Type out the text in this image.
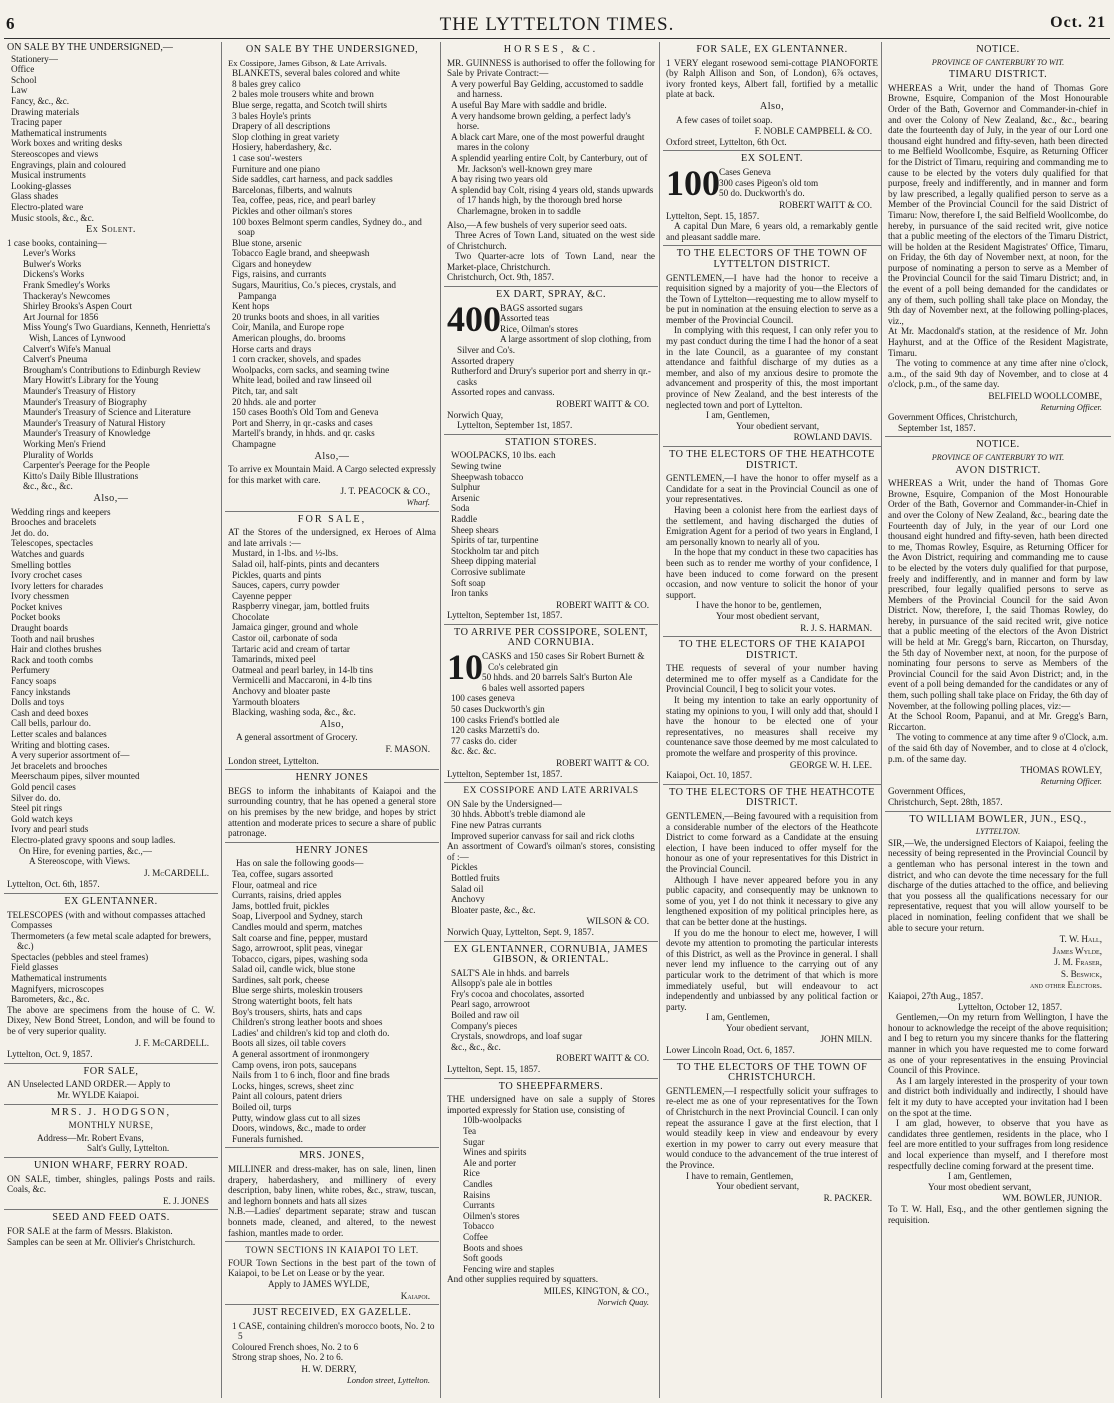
6	THE LYTTELTON TIMES.	Oct. 21

ON SALE BY THE UNDERSIGNED,—

Stationery—
Office
School
Law
Fancy, &c., &c.
Drawing materials
Tracing paper
Mathematical instruments
Work boxes and writing desks
Stereoscopes and views
Engravings, plain and coloured
Musical instruments
Looking-glasses
Glass shades
Electro-plated ware
Music stools, &c., &c.
Ex Solent.

1 case books, containing—

Lever's Works
Bulwer's Works
Dickens's Works
Frank Smedley's Works
Thackeray's Newcomes
Shirley Brooks's Aspen Court
Art Journal for 1856
Miss Young's Two Guardians, Kenneth, Henrietta's Wish, Lances of Lynwood
Calvert's Wife's Manual
Calvert's Pneuma
Brougham's Contributions to Edinburgh Review
Mary Howitt's Library for the Young
Maunder's Treasury of History
Maunder's Treasury of Biography
Maunder's Treasury of Science and Literature
Maunder's Treasury of Natural History
Maunder's Treasury of Knowledge
Working Men's Friend
Plurality of Worlds
Carpenter's Peerage for the People
Kitto's Daily Bible Illustrations
&c., &c., &c.
Also,—
Wedding rings and keepers
Brooches and bracelets
Jet do. do.
Telescopes, spectacles
Watches and guards
Smelling bottles
Ivory crochet cases
Ivory letters for charades
Ivory chessmen
Pocket knives
Pocket books
Draught boards
Tooth and nail brushes
Hair and clothes brushes
Rack and tooth combs
Perfumery
Fancy soaps
Fancy inkstands
Dolls and toys
Cash and deed boxes
Call bells, parlour do.
Letter scales and balances
Writing and blotting cases.
A very superior assortment of—
Jet bracelets and brooches
Meerschaum pipes, silver mounted
Gold pencil cases
Silver do. do.
Steel pit rings
Gold watch keys
Ivory and pearl studs
Electro-plated gravy spoons and soup ladles.

On Hire, for evening parties, &c.,—

A Stereoscope, with Views.

J. McCARDELL.

Lyttelton, Oct. 6th, 1857.

EX GLENTANNER.

TELESCOPES (with and without compasses attached

Compasses
Thermometers (a few metal scale adapted for brewers, &c.)
Spectacles (pebbles and steel frames)
Field glasses
Mathematical instruments
Magnifyers, microscopes
Barometers, &c., &c.

The above are specimens from the house of C. W. Dixey, New Bond Street, London, and will be found to be of very superior quality.

J. F. McCARDELL.

Lyttelton, Oct. 9, 1857.

FOR SALE,

AN Unselected LAND ORDER.— Apply to

Mr. WYLDE Kaiapoi.

MRS. J. HODGSON,
MONTHLY NURSE,

Address—Mr. Robert Evans,

Salt's Gully, Lyttelton.

UNION WHARF, FERRY ROAD.

ON SALE, timber, shingles, palings Posts and rails. Coals, &c.

E. J. JONES

SEED AND FEED OATS.

FOR SALE at the farm of Messrs. Blakiston.

Samples can be seen at Mr. Ollivier's Christchurch.

ON SALE BY THE UNDERSIGNED,

Ex Cossipore, James Gibson, & Late Arrivals.

BLANKETS, several bales colored and white
8 bales grey calico
2 bales mole trousers white and brown
Blue serge, regatta, and Scotch twill shirts
3 bales Hoyle's prints
Drapery of all descriptions
Slop clothing in great variety
Hosiery, haberdashery, &c.
1 case sou'-westers
Furniture and one piano
Side saddles, cart harness, and pack saddles
Barcelonas, filberts, and walnuts
Tea, coffee, peas, rice, and pearl barley
Pickles and other oilman's stores
100 boxes Belmont sperm candles, Sydney do., and soap
Blue stone, arsenic
Tobacco Eagle brand, and sheepwash
Cigars and honeydew
Figs, raisins, and currants
Sugars, Mauritius, Co.'s pieces, crystals, and Pampanga
Kent hops
20 trunks boots and shoes, in all varities
Coir, Manila, and Europe rope
American ploughs, do. brooms
Horse carts and drays
1 corn cracker, shovels, and spades
Woolpacks, corn sacks, and seaming twine
White lead, boiled and raw linseed oil
Pitch, tar, and salt
20 hhds. ale and porter
150 cases Booth's Old Tom and Geneva
Port and Sherry, in qr.-casks and cases
Martell's brandy, in hhds. and qr. casks
Champagne
Also,—

To arrive ex Mountain Maid. A Cargo selected expressly for this market with care.

J. T. PEACOCK & CO.,

Wharf.

FOR SALE,

AT the Stores of the undersigned, ex Heroes of Alma and late arrivals :—

Mustard, in 1-lbs. and ½-lbs.
Salad oil, half-pints, pints and decanters
Pickles, quarts and pints
Sauces, capers, curry powder
Cayenne pepper
Raspberry vinegar, jam, bottled fruits
Chocolate
Jamaica ginger, ground and whole
Castor oil, carbonate of soda
Tartaric acid and cream of tartar
Tamarinds, mixed peel
Oatmeal and pearl barley, in 14-lb tins
Vermicelli and Maccaroni, in 4-lb tins
Anchovy and bloater paste
Yarmouth bloaters
Blacking, washing soda, &c., &c.
Also,

A general assortment of Grocery.

F. MASON.

London street, Lyttelton.

HENRY JONES

BEGS to inform the inhabitants of Kaiapoi and the surrounding country, that he has opened a general store on his premises by the new bridge, and hopes by strict attention and moderate prices to secure a share of public patronage.

HENRY JONES

Has on sale the following goods—

Tea, coffee, sugars assorted
Flour, oatmeal and rice
Currants, raisins, dried apples
Jams, bottled fruit, pickles
Soap, Liverpool and Sydney, starch
Candles mould and sperm, matches
Salt coarse and fine, pepper, mustard
Sago, arrowroot, split peas, vinegar
Tobacco, cigars, pipes, washing soda
Salad oil, candle wick, blue stone
Sardines, salt pork, cheese
Blue serge shirts, moleskin trousers
Strong watertight boots, felt hats
Boy's trousers, shirts, hats and caps
Children's strong leather boots and shoes
Ladies' and children's kid top and cloth do.
Boots all sizes, oil table covers
A general assortment of ironmongery
Camp ovens, iron pots, saucepans
Nails from 1 to 6 inch, floor and fine brads
Locks, hinges, screws, sheet zinc
Paint all colours, patent driers
Boiled oil, turps
Putty, window glass cut to all sizes
Doors, windows, &c., made to order
Funerals furnished.
MRS. JONES,

MILLINER and dress-maker, has on sale, linen, linen drapery, haberdashery, and millinery of every description, baby linen, white robes, &c., straw, tuscan, and leghorn bonnets and hats all sizes

N.B.—Ladies' department separate; straw and tuscan bonnets made, cleaned, and altered, to the newest fashion, mantles made to order.

TOWN SECTIONS IN KAIAPOI TO LET.

FOUR Town Sections in the best part of the town of Kaiapoi, to be Let on Lease or by the year.

Apply to JAMES WYLDE,

Kaiapoi.

JUST RECEIVED, EX GAZELLE.
1 CASE, containing children's morocco boots, No. 2 to 5
Coloured French shoes, No. 2 to 6
Strong strap shoes, No. 2 to 6.

H. W. DERRY,

London street, Lyttelton.

HORSES, &C.

MR. GUINNESS is authorised to offer the following for Sale by Private Contract:—

A very powerful Bay Gelding, accustomed to saddle and harness.
A useful Bay Mare with saddle and bridle.
A very handsome brown gelding, a perfect lady's horse.
A black cart Mare, one of the most powerful draught mares in the colony
A splendid yearling entire Colt, by Canterbury, out of Mr. Jackson's well-known grey mare
A bay rising two years old
A splendid bay Colt, rising 4 years old, stands upwards of 17 hands high, by the thorough bred horse Charlemagne, broken in to saddle

Also,—A few bushels of very superior seed oats.

Three Acres of Town Land, situated on the west side of Christchurch.

Two Quarter-acre lots of Town Land, near the Market-place, Christchurch.

Christchurch, Oct. 9th, 1857.

EX DART, SPRAY, &C.
400 BAGS assorted sugars
Assorted teas
Rice, Oilman's stores
A large assortment of slop clothing, from Silver and Co's.
Assorted drapery
Rutherford and Drury's superior port and sherry in qr.-casks
Assorted ropes and canvass.

ROBERT WAITT & CO.

Norwich Quay,

Lyttelton, September 1st, 1857.

STATION STORES.
WOOLPACKS, 10 lbs. each
Sewing twine
Sheepwash tobacco
Sulphur
Arsenic
Soda
Raddle
Sheep shears
Spirits of tar, turpentine
Stockholm tar and pitch
Sheep dipping material
Corrosive sublimate
Soft soap
Iron tanks

ROBERT WAITT & CO.

Lyttelton, September 1st, 1857.

TO ARRIVE PER COSSIPORE, SOLENT, AND CORNUBIA.
10 CASKS and 150 cases Sir Robert Burnett & Co's celebrated gin
50 hhds. and 20 barrels Salt's Burton Ale
6 bales well assorted papers
100 cases geneva
50 cases Duckworth's gin
100 casks Friend's bottled ale
120 casks Marzetti's do.
77 casks do. cider
&c. &c. &c.

ROBERT WAITT & CO.

Lyttelton, September 1st, 1857.

EX COSSIPORE AND LATE ARRIVALS

ON Sale by the Undersigned—

30 hhds. Abbott's treble diamond ale
Fine new Patras currants
Improved superior canvass for sail and rick cloths

An assortment of Coward's oilman's stores, consisting of :—

Pickles
Bottled fruits
Salad oil
Anchovy
Bloater paste, &c., &c.

WILSON & CO.

Norwich Quay, Lyttelton, Sept. 9, 1857.

EX GLENTANNER, CORNUBIA, JAMES GIBSON, & ORIENTAL.
SALT'S Ale in hhds. and barrels
Allsopp's pale ale in bottles
Fry's cocoa and chocolates, assorted
Pearl sago, arrowroot
Boiled and raw oil
Company's pieces
Crystals, snowdrops, and loaf sugar
&c., &c., &c.

ROBERT WAITT & CO.

Lyttelton, Sept. 15, 1857.

TO SHEEPFARMERS.

THE undersigned have on sale a supply of Stores imported expressly for Station use, consisting of

10lb-woolpacks
Tea
Sugar
Wines and spirits
Ale and porter
Rice
Candles
Raisins
Currants
Oilmen's stores
Tobacco
Coffee
Boots and shoes
Soft goods
Fencing wire and staples

And other supplies required by squatters.

MILES, KINGTON, & CO.,

Norwich Quay.

FOR SALE, EX GLENTANNER.

1 VERY elegant rosewood semi-cottage PIANOFORTE (by Ralph Allison and Son, of London), 6⅞ octaves, ivory fronted keys, Albert fall, fortified by a metallic plate at back.

Also,

A few cases of toilet soap.

F. NOBLE CAMPBELL & CO.

Oxford street, Lyttelton, 6th Oct.

EX SOLENT.
100 Cases Geneva
300 cases Pigeon's old tom
50 do. Duckworth's do.

ROBERT WAITT & CO.

Lyttelton, Sept. 15, 1857.

A capital Dun Mare, 6 years old, a remarkably gentle and pleasant saddle mare.

TO THE ELECTORS OF THE TOWN OF LYTTELTON DISTRICT.

GENTLEMEN,—I have had the honor to receive a requisition signed by a majority of you—the Electors of the Town of Lyttelton—requesting me to allow myself to be put in nomination at the ensuing election to serve as a member of the Provincial Council.

In complying with this request, I can only refer you to my past conduct during the time I had the honor of a seat in the late Council, as a guarantee of my constant attendance and faithful discharge of my duties as a member, and also of my anxious desire to promote the advancement and prosperity of this, the most important province of New Zealand, and the best interests of the neglected town and port of Lyttelton.

I am, Gentlemen,

Your obedient servant,

ROWLAND DAVIS.

TO THE ELECTORS OF THE HEATHCOTE DISTRICT.

GENTLEMEN,—I have the honor to offer myself as a Candidate for a seat in the Provincial Council as one of your representatives.

Having been a colonist here from the earliest days of the settlement, and having discharged the duties of Emigration Agent for a period of two years in England, I am personally known to nearly all of you.

In the hope that my conduct in these two capacities has been such as to render me worthy of your confidence, I have been induced to come forward on the present occasion, and now venture to solicit the honor of your support.

I have the honor to be, gentlemen,

Your most obedient servant,

R. J. S. HARMAN.

TO THE ELECTORS OF THE KAIAPOI DISTRICT.

THE requests of several of your number having determined me to offer myself as a Candidate for the Provincial Council, I beg to solicit your votes.

It being my intention to take an early opportunity of stating my opinions to you, I will only add that, should I have the honour to be elected one of your representatives, no measures shall receive my countenance save those deemed by me most calculated to promote the welfare and prosperity of this province.

GEORGE W. H. LEE.

Kaiapoi, Oct. 10, 1857.

TO THE ELECTORS OF THE HEATHCOTE DISTRICT.

GENTLEMEN,—Being favoured with a requisition from a considerable number of the electors of the Heathcote District to come forward as a Candidate at the ensuing election, I have been induced to offer myself for the honour as one of your representatives for this District in the Provincial Council.

Although I have never appeared before you in any public capacity, and consequently may be unknown to some of you, yet I do not think it necessary to give any lengthened exposition of my political principles here, as that can be better done at the hustings.

If you do me the honour to elect me, however, I will devote my attention to promoting the particular interests of this District, as well as the Province in general. I shall never lend my influence to the carrying out of any particular work to the detriment of that which is more immediately useful, but will endeavour to act independently and unbiassed by any political faction or party.

I am, Gentlemen,

Your obedient servant,

JOHN MILN.

Lower Lincoln Road, Oct. 6, 1857.

TO THE ELECTORS OF THE TOWN OF CHRISTCHURCH.

GENTLEMEN,—I respectfully solicit your suffrages to re-elect me as one of your representatives for the Town of Christchurch in the next Provincial Council. I can only repeat the assurance I gave at the first election, that I would steadily keep in view and endeavour by every exertion in my power to carry out every measure that would conduce to the advancement of the true interest of the Province.

I have to remain, Gentlemen,

Your obedient servant,

R. PACKER.

NOTICE.

PROVINCE OF CANTERBURY TO WIT.

TIMARU DISTRICT.

WHEREAS a Writ, under the hand of Thomas Gore Browne, Esquire, Companion of the Most Honourable Order of the Bath, Governor and Commander-in-chief in and over the Colony of New Zealand, &c., &c., bearing date the fourteenth day of July, in the year of our Lord one thousand eight hundred and fifty-seven, hath been directed to me Belfield Woollcombe, Esquire, as Returning Officer for the District of Timaru, requiring and commanding me to cause to be elected by the voters duly qualified for that purpose, freely and indifferently, and in manner and form by law prescribed, a legally qualified person to serve as a Member of the Provincial Council for the said District of Timaru: Now, therefore I, the said Belfield Woollcombe, do hereby, in pursuance of the said recited writ, give notice that a public meeting of the electors of the Timaru District, will be holden at the Resident Magistrates' Office, Timaru, on Friday, the 6th day of November next, at noon, for the purpose of nominating a person to serve as a Member of the Provincial Council for the said Timaru District; and, in the event of a poll being demanded for the candidates or any of them, such polling shall take place on Monday, the 9th day of November next, at the following polling-places, viz.,

At Mr. Macdonald's station, at the residence of Mr. John Hayhurst, and at the Office of the Resident Magistrate, Timaru.

The voting to commence at any time after nine o'clock, a.m., of the said 9th day of November, and to close at 4 o'clock, p.m., of the same day.

BELFIELD WOOLLCOMBE,

Returning Officer.

Government Offices, Christchurch,

September 1st, 1857.

NOTICE.

PROVINCE OF CANTERBURY TO WIT.

AVON DISTRICT.

WHEREAS a Writ, under the hand of Thomas Gore Browne, Esquire, Companion of the Most Honourable Order of the Bath, Governor and Commander-in-Chief in and over the Colony of New Zealand, &c., bearing date the Fourteenth day of July, in the year of our Lord one thousand eight hundred and fifty-seven, hath been directed to me, Thomas Rowley, Esquire, as Returning Officer for the Avon District, requiring and commanding me to cause to be elected by the voters duly qualified for that purpose, freely and indifferently, and in manner and form by law prescribed, four legally qualified persons to serve as Members of the Provincial Council for the said Avon District. Now, therefore, I, the said Thomas Rowley, do hereby, in pursuance of the said recited writ, give notice that a public meeting of the electors of the Avon District will be held at Mr. Gregg's barn, Riccarton, on Thursday, the 5th day of November next, at noon, for the purpose of nominating four persons to serve as Members of the Provincial Council for the said Avon District; and, in the event of a poll being demanded for the candidates or any of them, such polling shall take place on Friday, the 6th day of November, at the following polling places, viz:—

At the School Room, Papanui, and at Mr. Gregg's Barn, Riccarton.

The voting to commence at any time after 9 o'Clock, a.m. of the said 6th day of November, and to close at 4 o'clock, p.m. of the same day.

THOMAS ROWLEY,

Returning Officer.

Government Offices,

Christchurch, Sept. 28th, 1857.

TO WILLIAM BOWLER, JUN., ESQ.,

LYTTELTON.

SIR,—We, the undersigned Electors of Kaiapoi, feeling the necessity of being represented in the Provincial Council by a gentleman who has personal interest in the town and district, and who can devote the time necessary for the full discharge of the duties attached to the office, and believing that you possess all the qualifications necessary for our representative, request that you will allow yourself to be placed in nomination, feeling confident that we shall be able to secure your return.

T. W. Hall,
James Wylde,
J. M. Fraser,
S. Beswick,
and other Electors.

Kaiapoi, 27th Aug., 1857.

Lyttelton, October 12, 1857.

Gentlemen,—On my return from Wellington, I have the honour to acknowledge the receipt of the above requisition; and I beg to return you my sincere thanks for the flattering manner in which you have requested me to come forward as one of your representatives in the ensuing Provincial Council of this Province.

As I am largely interested in the prosperity of your town and district both individually and indirectly, I should have felt it my duty to have accepted your invitation had I been on the spot at the time.

I am glad, however, to observe that you have as candidates three gentlemen, residents in the place, who I feel are more entitled to your suffrages from long residence and local experience than myself, and I therefore most respectfully decline coming forward at the present time.

I am, Gentlemen,

Your most obedient servant,

WM. BOWLER, JUNIOR.

To T. W. Hall, Esq., and the other gentlemen signing the requisition.
